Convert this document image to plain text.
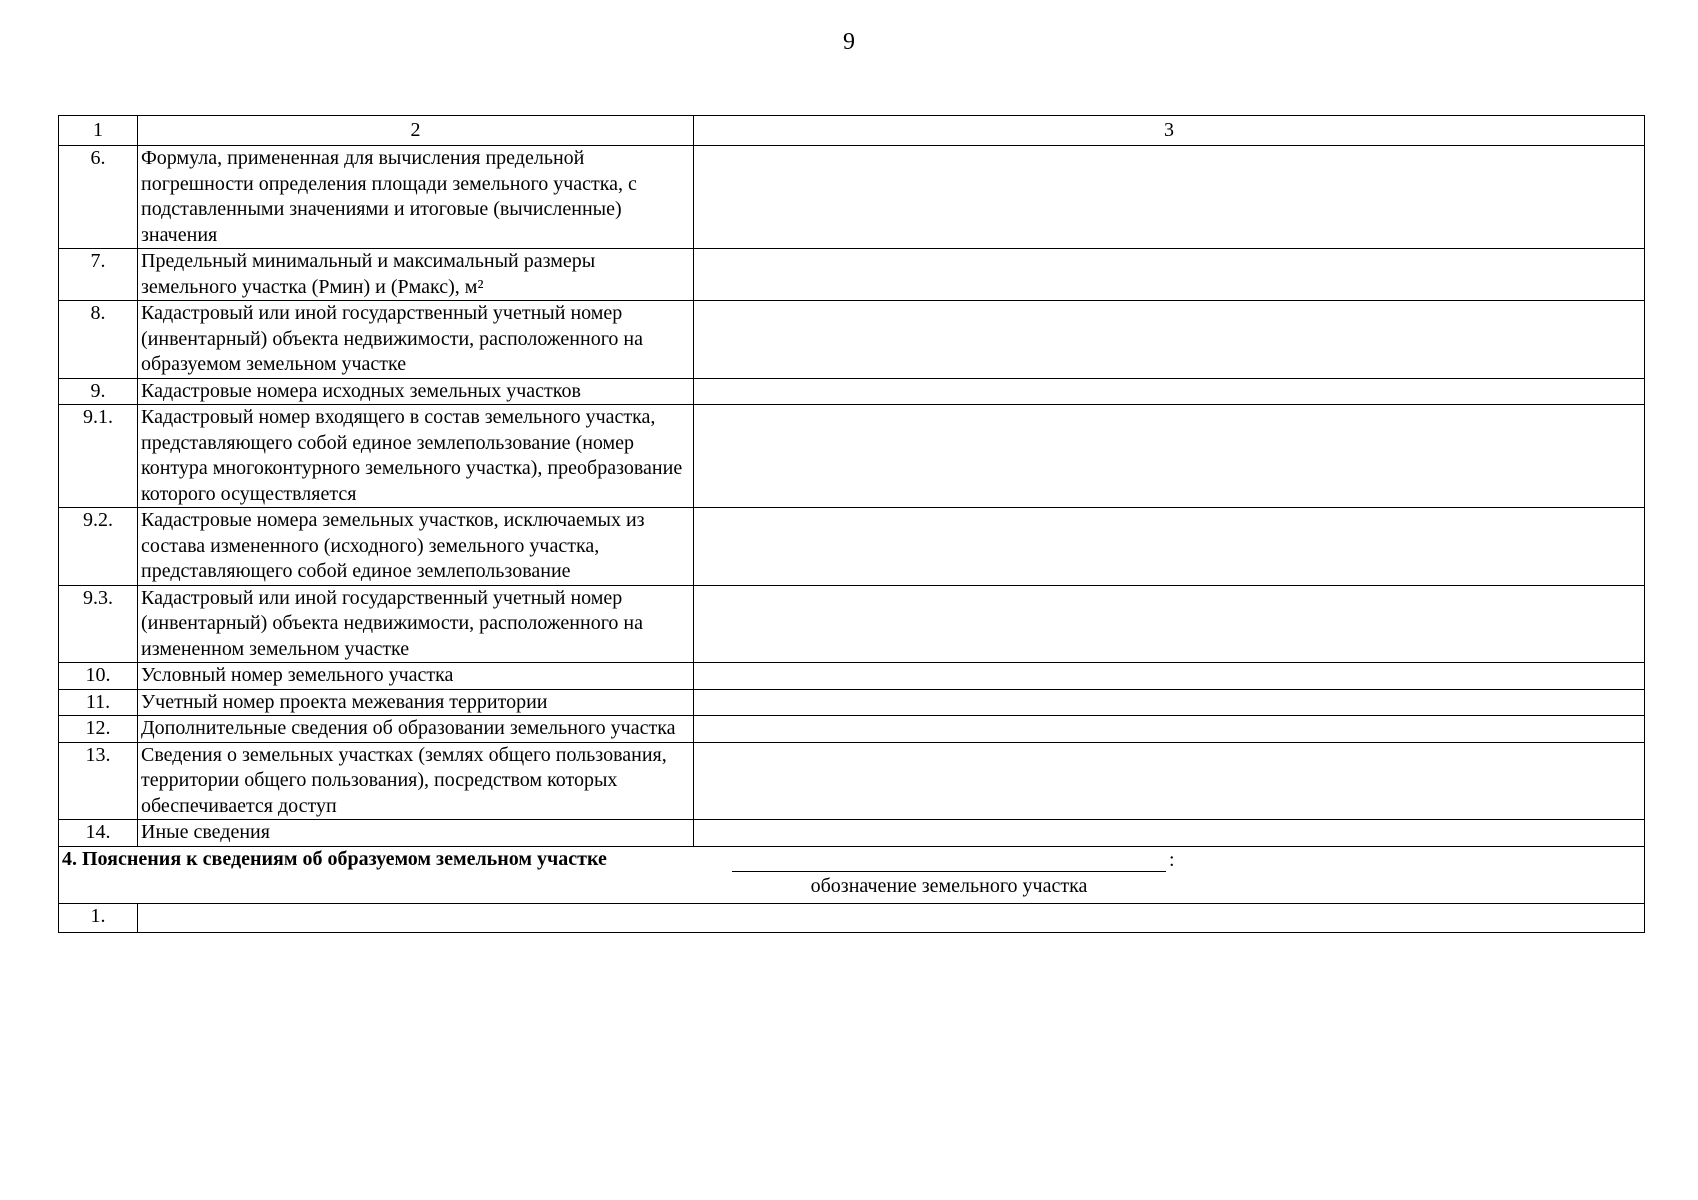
9
1	2	3
6.	Формула, примененная для вычисления предельной погрешности определения площади земельного участка, с подставленными значениями и итоговые (вычисленные) значения	
7.	Предельный минимальный и максимальный размеры земельного участка (Рмин) и (Рмакс), м²	
8.	Кадастровый или иной государственный учетный номер (инвентарный) объекта недвижимости, расположенного на образуемом земельном участке	
9.	Кадастровые номера исходных земельных участков	
9.1.	Кадастровый номер входящего в состав земельного участка, представляющего собой единое землепользование (номер контура многоконтурного земельного участка), преобразование которого осуществляется	
9.2.	Кадастровые номера земельных участков, исключаемых из состава измененного (исходного) земельного участка, представляющего собой единое землепользование	
9.3.	Кадастровый или иной государственный учетный номер (инвентарный) объекта недвижимости, расположенного на измененном земельном участке	
10.	Условный номер земельного участка	
11.	Учетный номер проекта межевания территории	
12.	Дополнительные сведения об образовании земельного участка	
13.	Сведения о земельных участках (землях общего пользования, территории общего пользования), посредством которых обеспечивается доступ	
14.	Иные сведения	

4. Пояснения к сведениям об образуемом земельном участке :
обозначение земельного участка		

1.		
